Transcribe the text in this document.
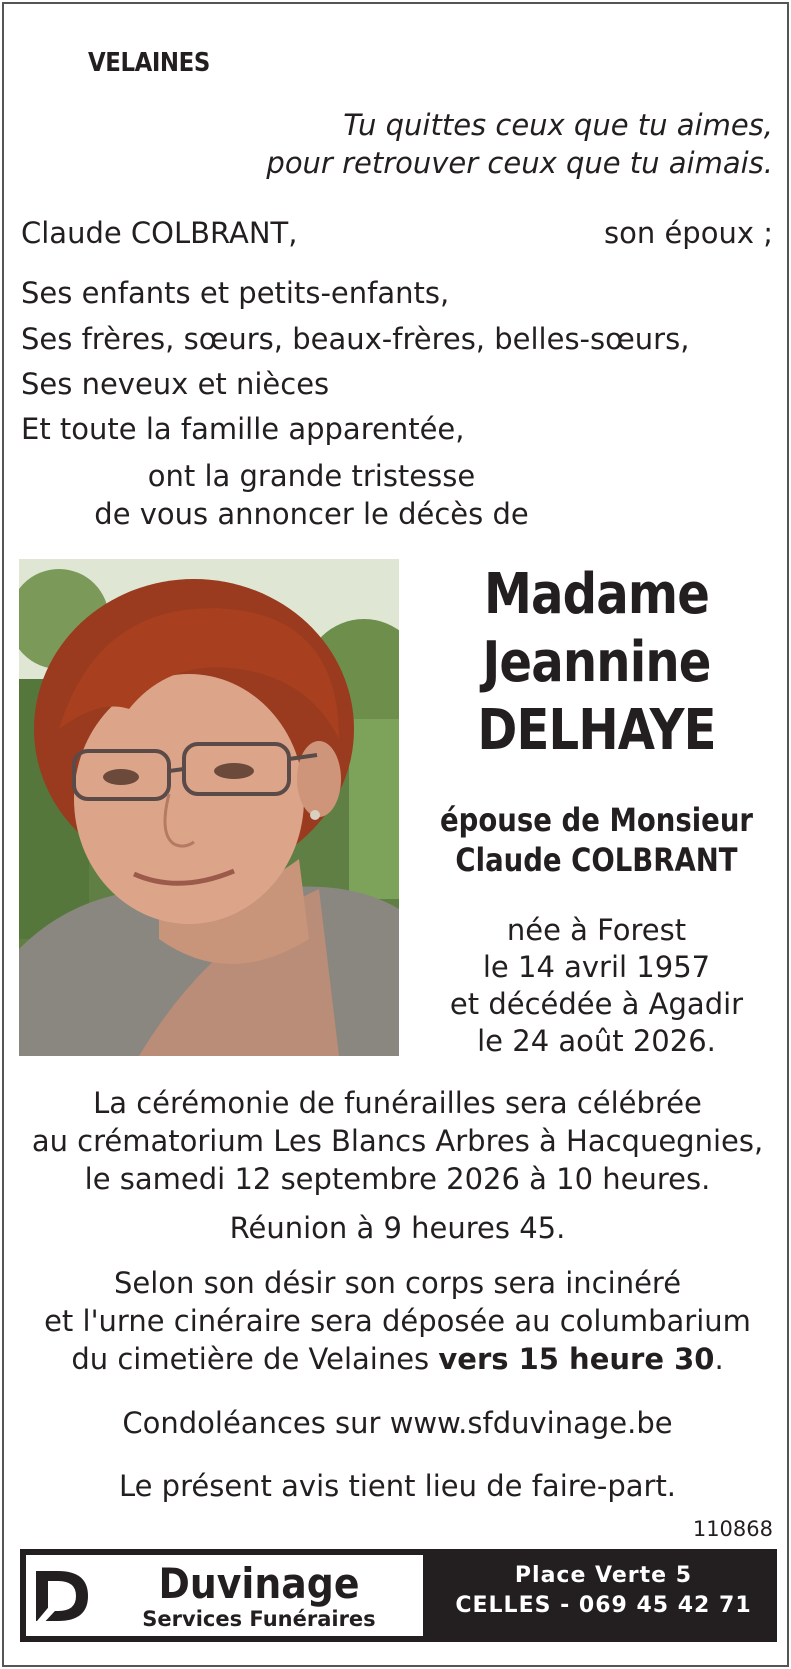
VELAINES
Tu quittes ceux que tu aimes,
pour retrouver ceux que tu aimais.
Claude COLBRANT,	son époux ;
Ses enfants et petits-enfants,
Ses frères, sœurs, beaux-frères, belles-sœurs,
Ses neveux et nièces
Et toute la famille apparentée,
ont la grande tristesse
de vous annoncer le décès de
Madame
Jeannine
DELHAYE
épouse de Monsieur
Claude COLBRANT
née à Forest
le 14 avril 1957
et décédée à Agadir
le 24 août 2026.
La cérémonie de funérailles sera célébrée
au crématorium Les Blancs Arbres à Hacquegnies,
le samedi 12 septembre 2026 à 10 heures.
Réunion à 9 heures 45.
Selon son désir son corps sera incinéré
et l'urne cinéraire sera déposée au columbarium
du cimetière de Velaines vers 15 heure 30.
Condoléances sur www.sfduvinage.be
Le présent avis tient lieu de faire-part.
110868
Duvinage
Services Funéraires
Place Verte 5
CELLES - 069 45 42 71
